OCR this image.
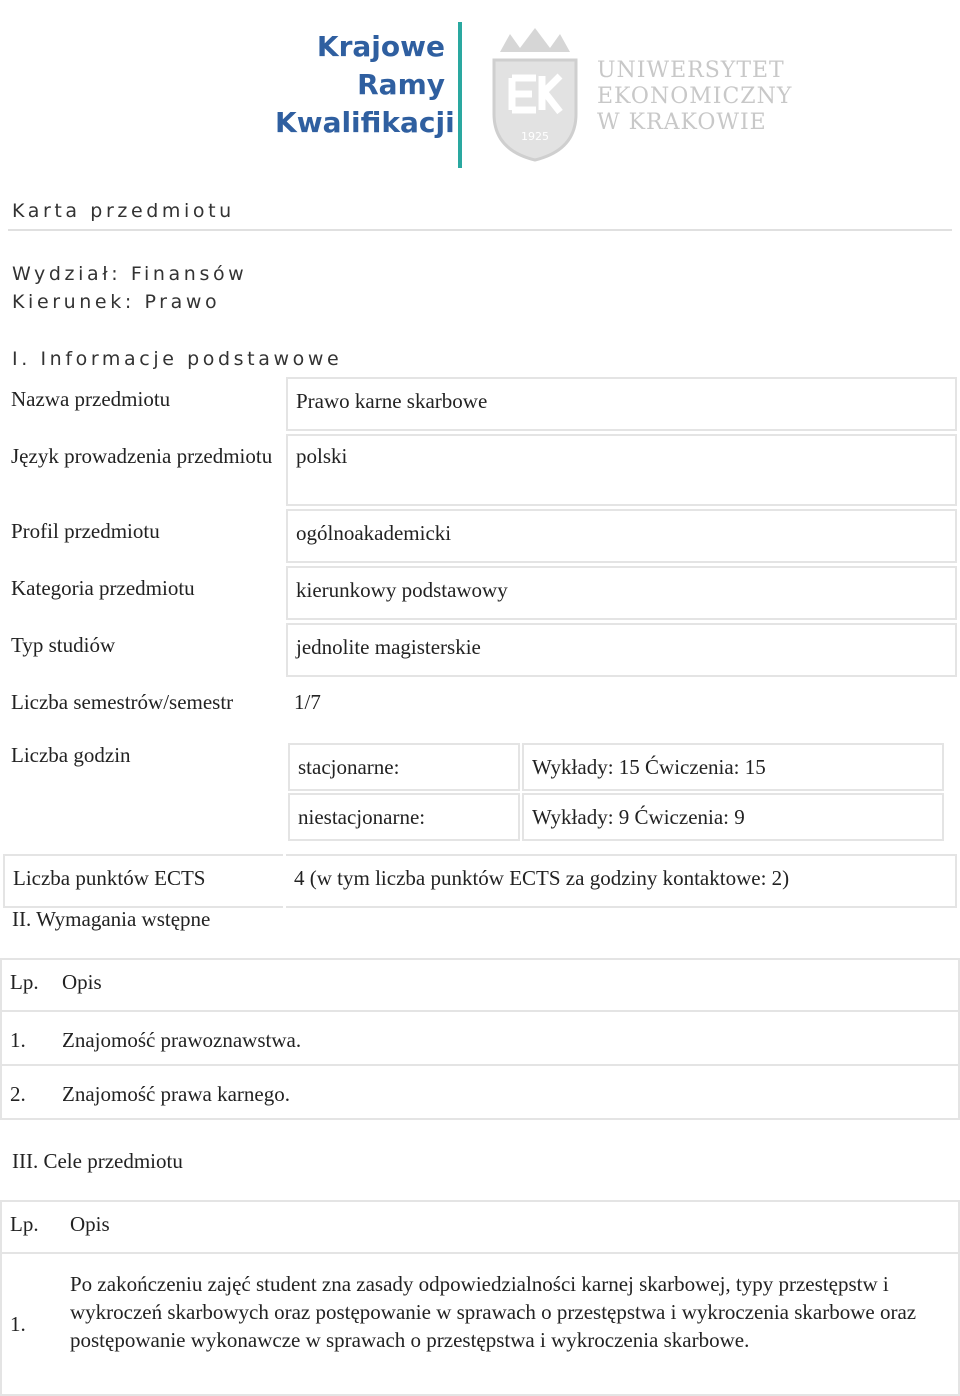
Krajowe
Ramy
Kwalifikacji	1925
UNIWERSYTET
EKONOMICZNY
W KRAKOWIE
Karta przedmiotu
Wydział: Finansów
Kierunek: Prawo
I. Informacje podstawowe
Nazwa przedmiotu	Prawo karne skarbowe

Język prowadzenia przedmiotu	polski

Profil przedmiotu	ogólnoakademicki

Kategoria przedmiotu	kierunkowy podstawowy

Typ studiów	jednolite magisterskie

Liczba semestrów/semestr	1/7

Liczba godzin
		stacjonarne:	Wykłady: 15 Ćwiczenia: 15

niestacjonarne:	Wykłady: 9 Ćwiczenia: 9

Liczba punktów ECTS	4 (w tym liczba punktów ECTS za godziny kontaktowe: 2)
II. Wymagania wstępne
Lp.	Opis

1.	Znajomość prawoznawstwa.

2.	Znajomość prawa karnego.
III. Cele przedmiotu
Lp.	Opis

1.	Po zakończeniu zajęć student zna zasady odpowiedzialności karnej skarbowej, typy przestępstw i wykroczeń skarbowych oraz postępowanie w sprawach o przestępstwa i wykroczenia skarbowe oraz postępowanie wykonawcze w sprawach o przestępstwa i wykroczenia skarbowe.
